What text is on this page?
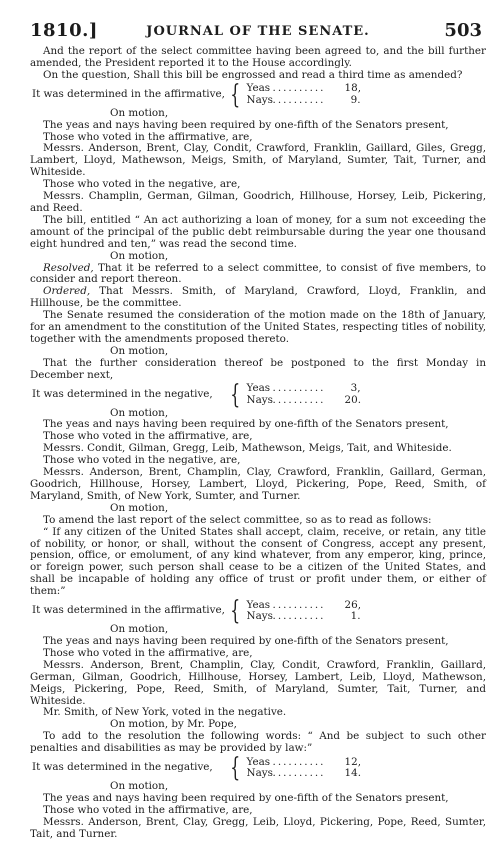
1810.]	JOURNAL OF THE SENATE.	503

And the report of the select committee having been agreed to, and the bill further amended, the President reported it to the House accordingly.

On the question, Shall this bill be engrossed and read a third time as amended?

It was determined in the affirmative, { Yeas ..........	18,
Nays ..........	9.

On motion,

The yeas and nays having been required by one-fifth of the Senators present,

Those who voted in the affirmative, are,

Messrs. Anderson, Brent, Clay, Condit, Crawford, Franklin, Gaillard, Giles, Gregg, Lambert, Lloyd, Mathewson, Meigs, Smith, of Maryland, Sumter, Tait, Turner, and Whiteside.

Those who voted in the negative, are,

Messrs. Champlin, German, Gilman, Goodrich, Hillhouse, Horsey, Leib, Pickering, and Reed.

The bill, entitled “ An act authorizing a loan of money, for a sum not exceeding the amount of the principal of the public debt reimbursable during the year one thousand eight hundred and ten,” was read the second time.

On motion,

Resolved, That it be referred to a select committee, to consist of five members, to consider and report thereon.

Ordered, That Messrs. Smith, of Maryland, Crawford, Lloyd, Franklin, and Hillhouse, be the committee.

The Senate resumed the consideration of the motion made on the 18th of January, for an amendment to the constitution of the United States, respecting titles of nobility, together with the amendments proposed thereto.

On motion,

That the further consideration thereof be postponed to the first Monday in December next,

It was determined in the negative, { Yeas ..........	3,
Nays ..........	20.

On motion,

The yeas and nays having been required by one-fifth of the Senators present,

Those who voted in the affirmative, are,

Messrs. Condit, Gilman, Gregg, Leib, Mathewson, Meigs, Tait, and Whiteside.

Those who voted in the negative, are,

Messrs. Anderson, Brent, Champlin, Clay, Crawford, Franklin, Gaillard, German, Goodrich, Hillhouse, Horsey, Lambert, Lloyd, Pickering, Pope, Reed, Smith, of Maryland, Smith, of New York, Sumter, and Turner.

On motion,

To amend the last report of the select committee, so as to read as follows:

“ If any citizen of the United States shall accept, claim, receive, or retain, any title of nobility, or honor, or shall, without the consent of Congress, accept any present, pension, office, or emolument, of any kind whatever, from any emperor, king, prince, or foreign power, such person shall cease to be a citizen of the United States, and shall be incapable of holding any office of trust or profit under them, or either of them:”

It was determined in the affirmative, { Yeas ..........	26,
Nays ..........	1.

On motion,

The yeas and nays having been required by one-fifth of the Senators present,

Those who voted in the affirmative, are,

Messrs. Anderson, Brent, Champlin, Clay, Condit, Crawford, Franklin, Gaillard, German, Gilman, Goodrich, Hillhouse, Horsey, Lambert, Leib, Lloyd, Mathewson, Meigs, Pickering, Pope, Reed, Smith, of Maryland, Sumter, Tait, Turner, and Whiteside.

Mr. Smith, of New York, voted in the negative.

On motion, by Mr. Pope,

To add to the resolution the following words: “ And be subject to such other penalties and disabilities as may be provided by law:”

It was determined in the negative, { Yeas ..........	12,
Nays ..........	14.

On motion,

The yeas and nays having been required by one-fifth of the Senators present,

Those who voted in the affirmative, are,

Messrs. Anderson, Brent, Clay, Gregg, Leib, Lloyd, Pickering, Pope, Reed, Sumter, Tait, and Turner.
